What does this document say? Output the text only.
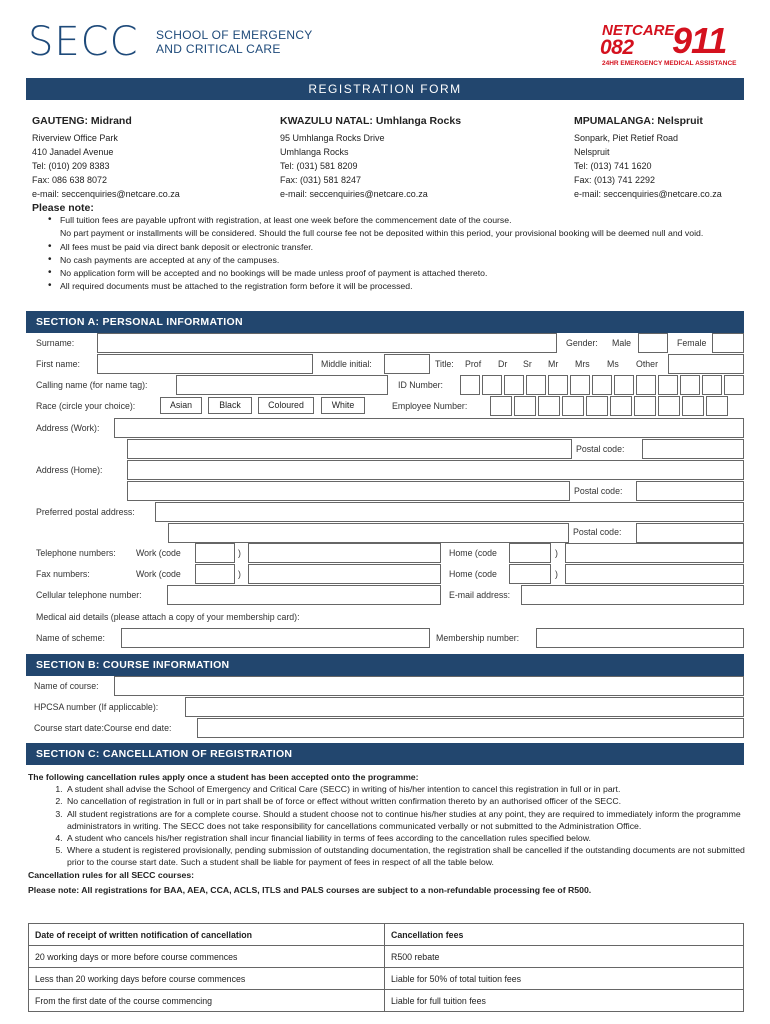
SECC SCHOOL OF EMERGENCY
AND CRITICAL CARE
NETCARE
082 911
24HR EMERGENCY MEDICAL ASSISTANCE
REGISTRATION FORM
GAUTENG: Midrand
Riverview Office Park
410 Janadel Avenue
Tel: (010) 209 8383
Fax: 086 638 8072
e-mail: seccenquiries@netcare.co.za
KWAZULU NATAL: Umhlanga Rocks
95 Umhlanga Rocks Drive
Umhlanga Rocks
Tel: (031) 581 8209
Fax: (031) 581 8247
e-mail: seccenquiries@netcare.co.za
MPUMALANGA: Nelspruit
Sonpark, Piet Retief Road
Nelspruit
Tel: (013) 741 1620
Fax: (013) 741 2292
e-mail: seccenquiries@netcare.co.za
Please note:
• Full tuition fees are payable upfront with registration, at least one week before the commencement date of the course.
No part payment or installments will be considered. Should the full course fee not be deposited within this period, your provisional booking will be deemed null and void.
• All fees must be paid via direct bank deposit or electronic transfer.
• No cash payments are accepted at any of the campuses.
• No application form will be accepted and no bookings will be made unless proof of payment is attached thereto.
• All required documents must be attached to the registration form before it will be processed.
SECTION A: PERSONAL INFORMATION
Surname:	Gender: Male	Female
First name:	Middle initial:	Title: Prof Dr Sr Mr Mrs Ms Other
Calling name (for name tag):	ID Number:
Race (circle your choice):	Asian	Black	Coloured	White	Employee Number:
Address (Work):
Postal code:
Address (Home):
Postal code:
Preferred postal address:
Postal code:
Telephone numbers: Work (code	)	Home (code	)
Fax numbers:	Work (code	)	Home (code	)
Cellular telephone number:	E-mail address:
Medical aid details (please attach a copy of your membership card):
Name of scheme:	Membership number:
SECTION B: COURSE INFORMATION
Name of course:
HPCSA number (If appliccable):
Course start date:Course end date:
SECTION C: CANCELLATION OF REGISTRATION
The following cancellation rules apply once a student has been accepted onto the programme:
1. A student shall advise the School of Emergency and Critical Care (SECC) in writing of his/her intention to cancel this registration in full or in part.
2. No cancellation of registration in full or in part shall be of force or effect without written confirmation thereto by an authorised officer of the SECC.
3. All student registrations are for a complete course. Should a student choose not to continue his/her studies at any point, they are required to immediately inform the programme administrators in writing. The SECC does not take responsibility for cancellations communicated verbally or not submitted to the Administration Office.
4. A student who cancels his/her registration shall incur financial liability in terms of fees according to the cancellation rules specified below.
5. Where a student is registered provisionally, pending submission of outstanding documentation, the registration shall be cancelled if the outstanding documents are not submitted prior to the course start date. Such a student shall be liable for payment of fees in respect of all the table below.
Cancellation rules for all SECC courses:
Please note: All registrations for BAA, AEA, CCA, ACLS, ITLS and PALS courses are subject to a non-refundable processing fee of R500.
Date of receipt of written notification of cancellation	Cancellation fees
20 working days or more before course commences	R500 rebate
Less than 20 working days before course commences	Liable for 50% of total tuition fees
From the first date of the course commencing	Liable for full tuition fees
